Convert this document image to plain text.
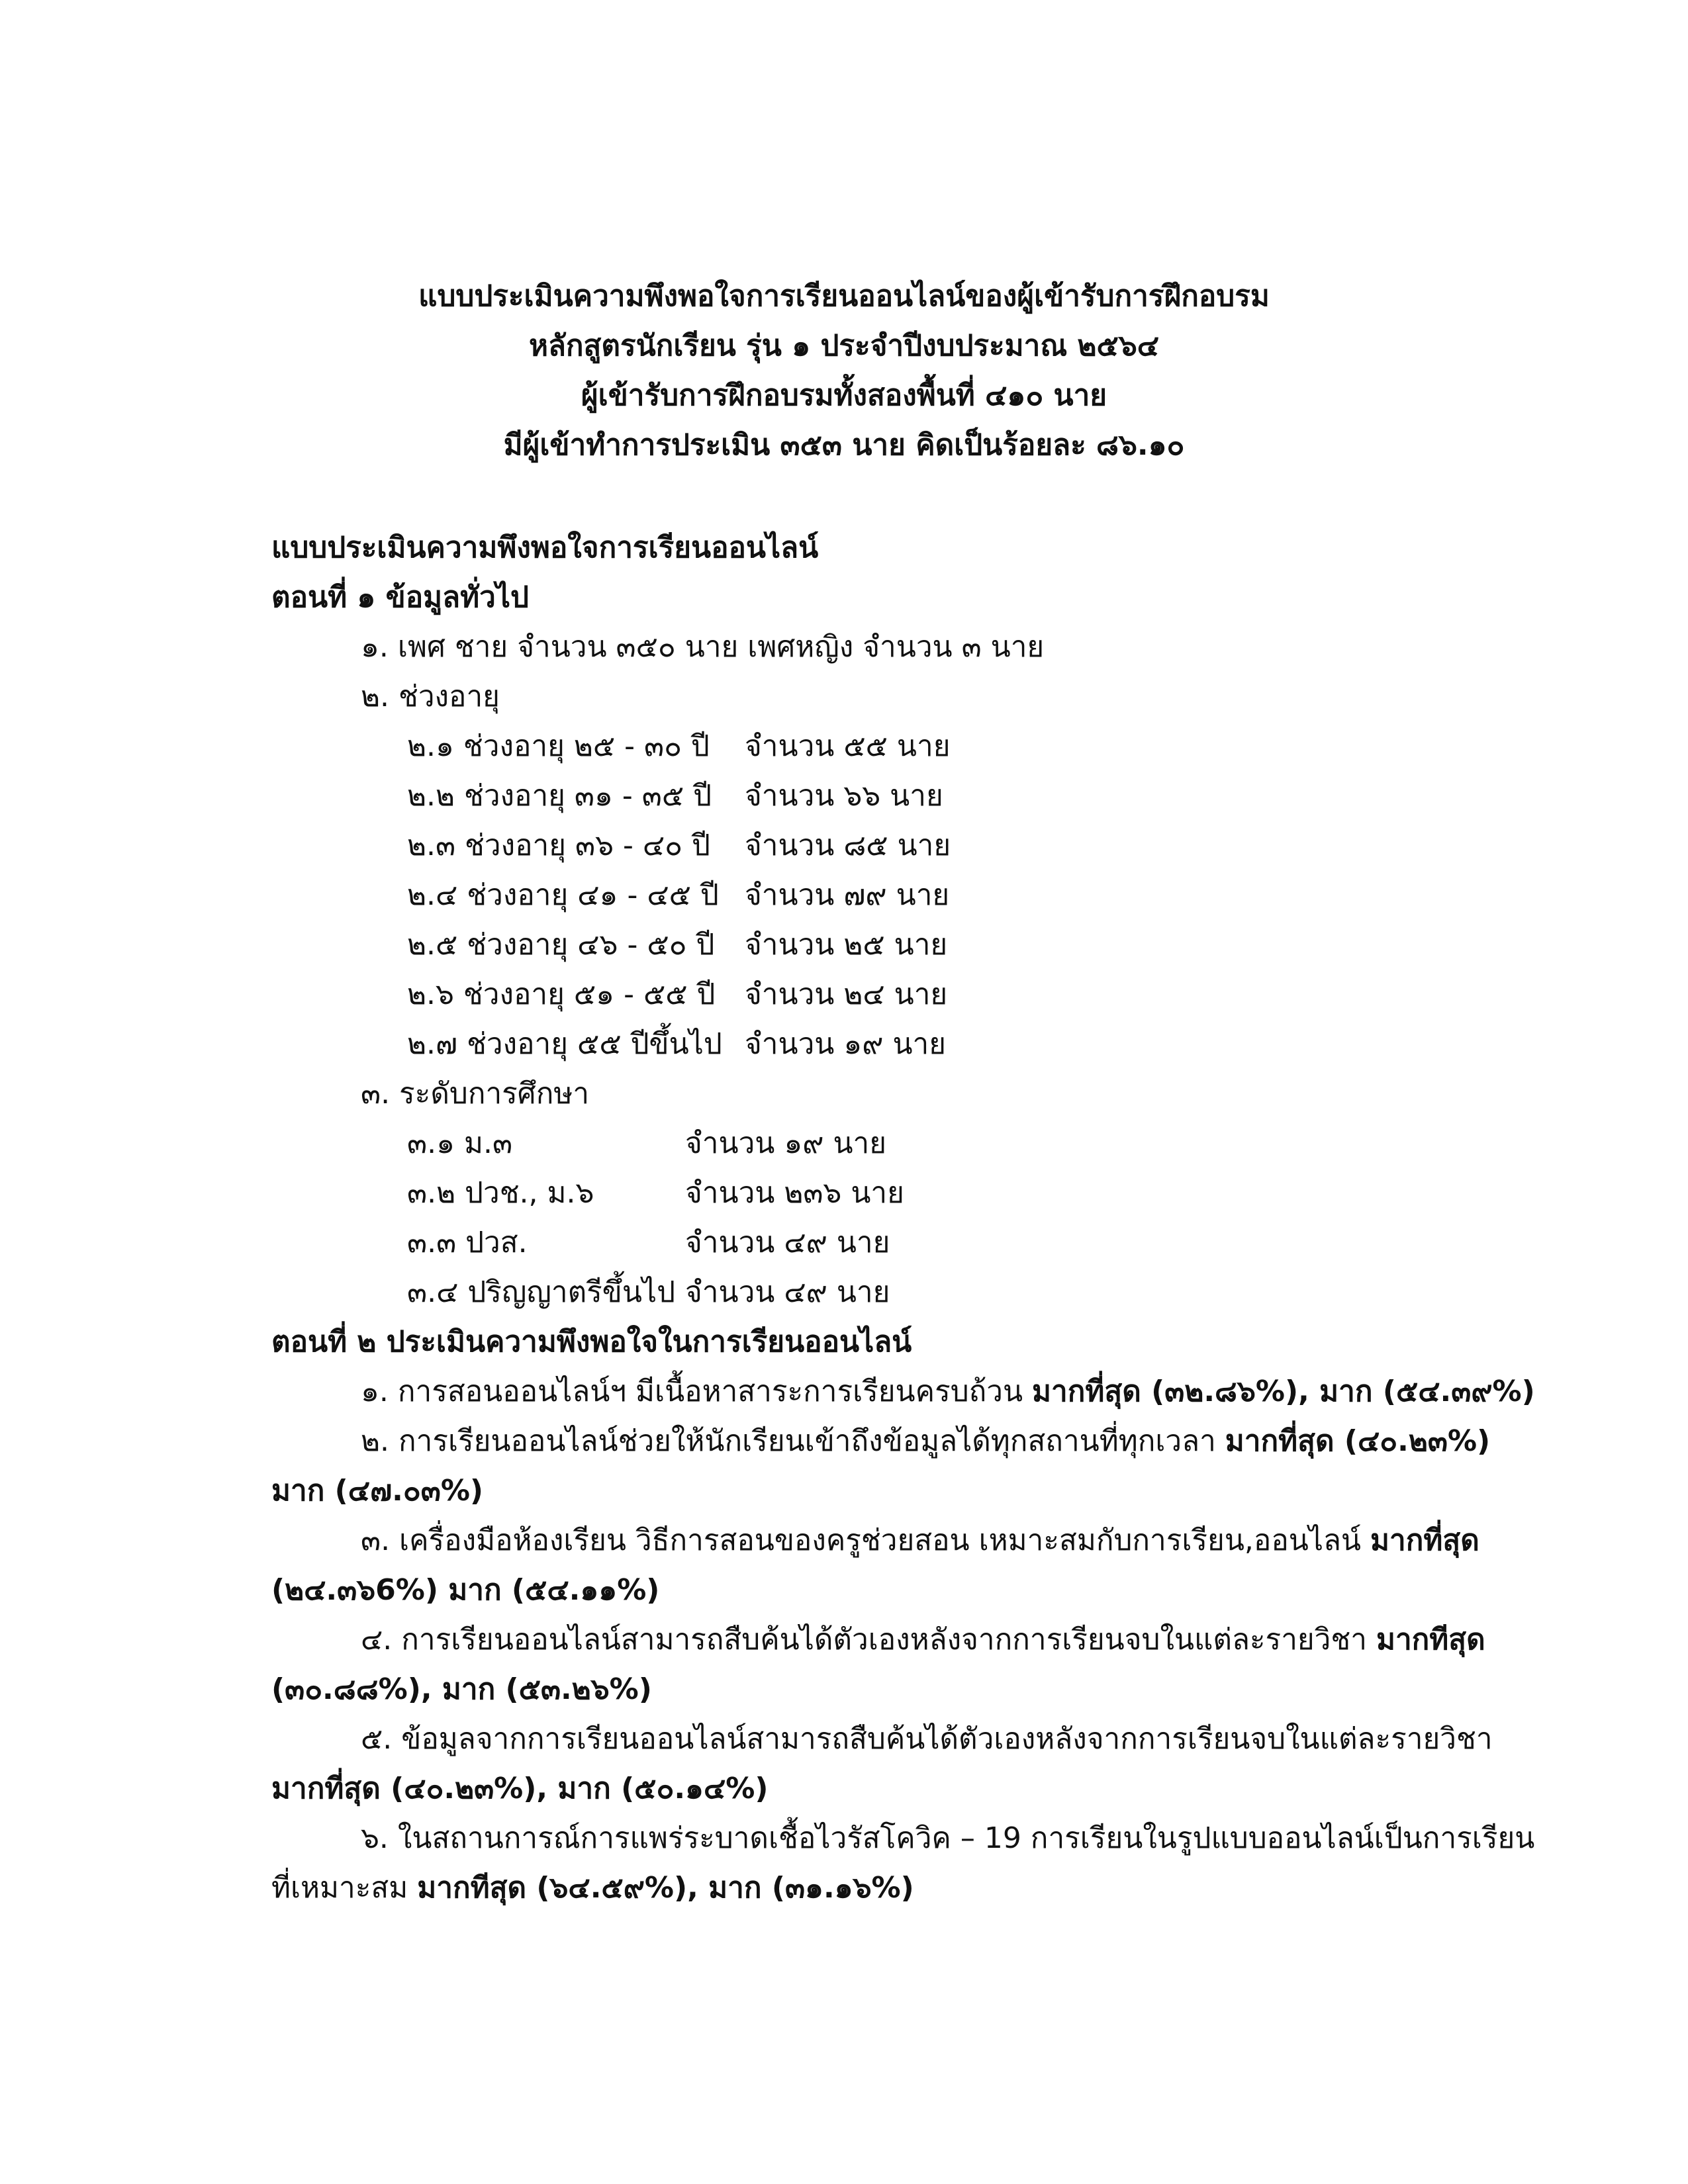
แบบประเมินความพึงพอใจการเรียนออนไลน์ของผู้เข้ารับการฝึกอบรม
หลักสูตรนักเรียน รุ่น ๑ ประจำปีงบประมาณ ๒๕๖๔
ผู้เข้ารับการฝึกอบรมทั้งสองพื้นที่ ๔๑๐ นาย
มีผู้เข้าทำการประเมิน ๓๕๓ นาย คิดเป็นร้อยละ ๘๖.๑๐
แบบประเมินความพึงพอใจการเรียนออนไลน์
ตอนที่ ๑ ข้อมูลทั่วไป
๑. เพศ ชาย จำนวน ๓๕๐ นาย เพศหญิง จำนวน ๓ นาย
๒. ช่วงอายุ
๒.๑ ช่วงอายุ ๒๕ - ๓๐ ปี จำนวน ๕๕ นาย
๒.๒ ช่วงอายุ ๓๑ - ๓๕ ปี จำนวน ๖๖ นาย
๒.๓ ช่วงอายุ ๓๖ - ๔๐ ปี จำนวน ๘๕ นาย
๒.๔ ช่วงอายุ ๔๑ - ๔๕ ปี จำนวน ๗๙ นาย
๒.๕ ช่วงอายุ ๔๖ - ๕๐ ปี จำนวน ๒๕ นาย
๒.๖ ช่วงอายุ ๕๑ - ๕๕ ปี จำนวน ๒๔ นาย
๒.๗ ช่วงอายุ ๕๕ ปีขึ้นไป จำนวน ๑๙ นาย
๓. ระดับการศึกษา
๓.๑ ม.๓	จำนวน ๑๙ นาย
๓.๒ ปวช., ม.๖	จำนวน ๒๓๖ นาย
๓.๓ ปวส.	จำนวน ๔๙ นาย
๓.๔ ปริญญาตรีขึ้นไป จำนวน ๔๙ นาย
ตอนที่ ๒ ประเมินความพึงพอใจในการเรียนออนไลน์
๑. การสอนออนไลน์ฯ มีเนื้อหาสาระการเรียนครบถ้วน มากที่สุด (๓๒.๘๖%), มาก (๕๔.๓๙%)
๒. การเรียนออนไลน์ช่วยให้นักเรียนเข้าถึงข้อมูลได้ทุกสถานที่ทุกเวลา มากที่สุด (๔๐.๒๓%)
มาก (๔๗.๐๓%)
๓. เครื่องมือห้องเรียน วิธีการสอนของครูช่วยสอน เหมาะสมกับการเรียน,ออนไลน์ มากที่สุด
(๒๔.๓๖6%) มาก (๕๔.๑๑%)
๔. การเรียนออนไลน์สามารถสืบค้นได้ตัวเองหลังจากการเรียนจบในแต่ละรายวิชา มากทีสุด
(๓๐.๘๘%), มาก (๕๓.๒๖%)
๕. ข้อมูลจากการเรียนออนไลน์สามารถสืบค้นได้ตัวเองหลังจากการเรียนจบในแต่ละรายวิชา
มากที่สุด (๔๐.๒๓%), มาก (๕๐.๑๔%)
๖. ในสถานการณ์การแพร่ระบาดเชื้อไวรัสโควิค – 19 การเรียนในรูปแบบออนไลน์เป็นการเรียน
ที่เหมาะสม มากทีสุด (๖๔.๕๙%), มาก (๓๑.๑๖%)
